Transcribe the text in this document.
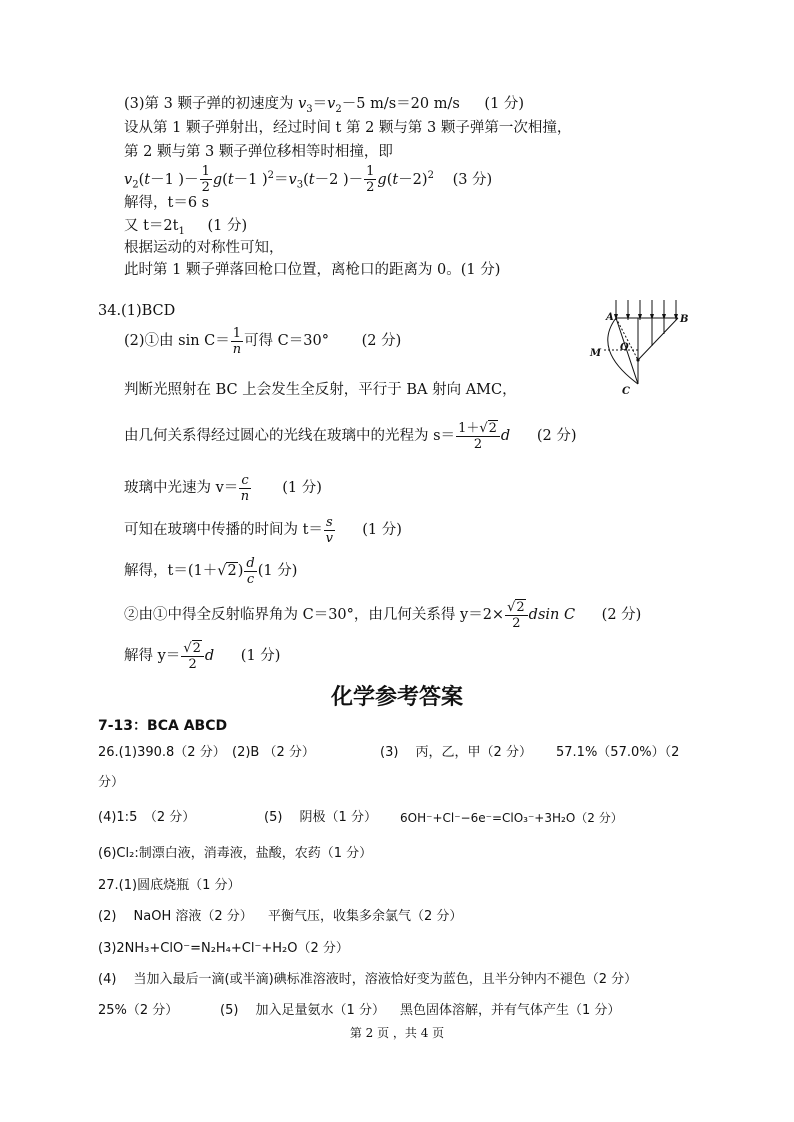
(3)第 3 颗子弹的初速度为 $v_3=v_2-5$ m/s＝20 m/s (1 分)
设从第 1 颗子弹射出，经过时间 t 第 2 颗与第 3 颗子弹第一次相撞，
第 2 颗与第 3 颗子弹位移相等时相撞，即
$v_2(t-1$ )－ $\frac{1}{2} g(t-1$ )$^2=v_3(t-2$ )－ $\frac{1}{2} g(t-2)^2$ (3 分)
解得，t＝6 s
又 $t=2t_1$ (1 分)
根据运动的对称性可知，
此时第 1 颗子弹落回枪口位置，离枪口的距离为 0。(1 分)
34.(1)BCD
(2)①由 $\sin C= \frac{1}{n}$ 可得 C＝30° (2 分)
A	B
M
O
C
判断光照射在 BC 上会发生全反射，平行于 BA 射向 AMC，
由几何关系得经过圆心的光线在玻璃中的光程为 $s= \frac{1+√2}{2}$ d (2 分)
玻璃中光速为 $v= \frac{c}{n} (1$ 分)
可知在玻璃中传播的时间为 $t= \frac{s}{v} (1$ 分)
解得，$t=(1+√2) \frac{d}{c} (1$ 分)
②由①中得全反射临界角为 C＝30°，由几何关系得 $y=2\times \frac{√2}{2}$ dsin C (2 分)
解得 $y= \frac{√2}{2}$ d (1 分)
化学参考答案
7-13：BCA ABCD
26.(1)390.8（2 分） (2)B （2 分）	(3)　 丙，乙，甲（2 分） 57.1%（57.0%）（2
分）
(4)1:5　（2 分）	(5)　 阴极（1 分） 6OH⁻+Cl⁻−6e⁻=ClO₃⁻+3H₂O（2 分）
(6)Cl₂:制漂白液，消毒液，盐酸，农药（1 分）
27.(1)圆底烧瓶（1 分）
(2)　 NaOH 溶液（2 分） 平衡气压，收集多余氯气（2 分）
(3)2NH₃+ClO⁻=N₂H₄+Cl⁻+H₂O（2 分）
(4)　 当加入最后一滴(或半滴)碘标准溶液时，溶液恰好变为蓝色，且半分钟内不褪色（2 分）
25%（2 分）	(5)　 加入足量氨水（1 分） 黑色固体溶解，并有气体产生（1 分）
第 2 页 ，共 4 页
